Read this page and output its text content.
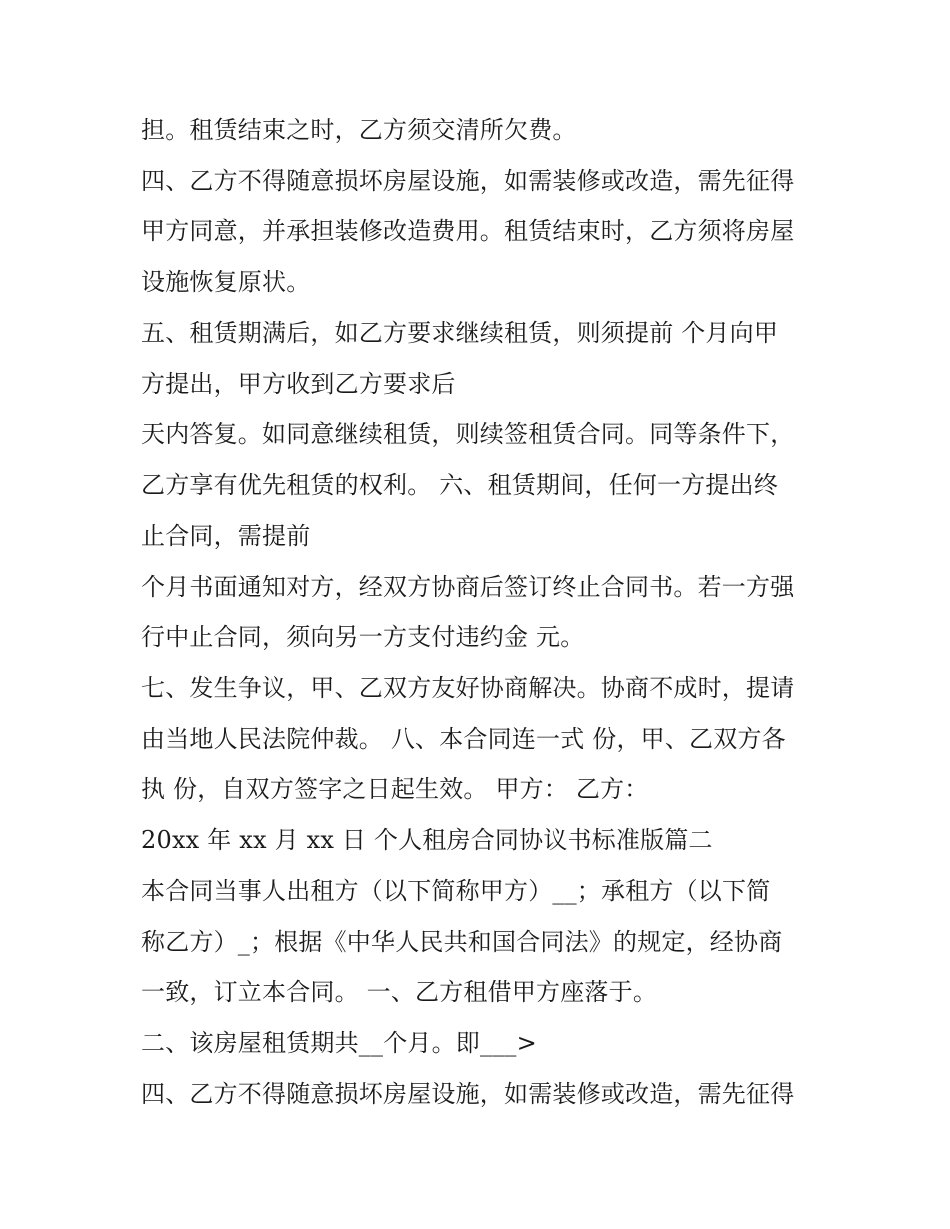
担。租赁结束之时，乙方须交清所欠费。
四、乙方不得随意损坏房屋设施，如需装修或改造，需先征得
甲方同意，并承担装修改造费用。租赁结束时，乙方须将房屋
设施恢复原状。
五、租赁期满后，如乙方要求继续租赁，则须提前 个月向甲
方提出，甲方收到乙方要求后
天内答复。如同意继续租赁，则续签租赁合同。同等条件下，
乙方享有优先租赁的权利。 六、租赁期间，任何一方提出终
止合同，需提前
个月书面通知对方，经双方协商后签订终止合同书。若一方强
行中止合同，须向另一方支付违约金 元。
七、发生争议，甲、乙双方友好协商解决。协商不成时，提请
由当地人民法院仲裁。 八、本合同连一式 份，甲、乙双方各
执 份，自双方签字之日起生效。 甲方： 乙方：
20xx 年 xx 月 xx 日 个人租房合同协议书标准版篇二
本合同当事人出租方（以下简称甲方）__；承租方（以下简
称乙方）_；根据《中华人民共和国合同法》的规定，经协商
一致，订立本合同。 一、乙方租借甲方座落于。
二、该房屋租赁期共__个月。即___>
四、乙方不得随意损坏房屋设施，如需装修或改造，需先征得
